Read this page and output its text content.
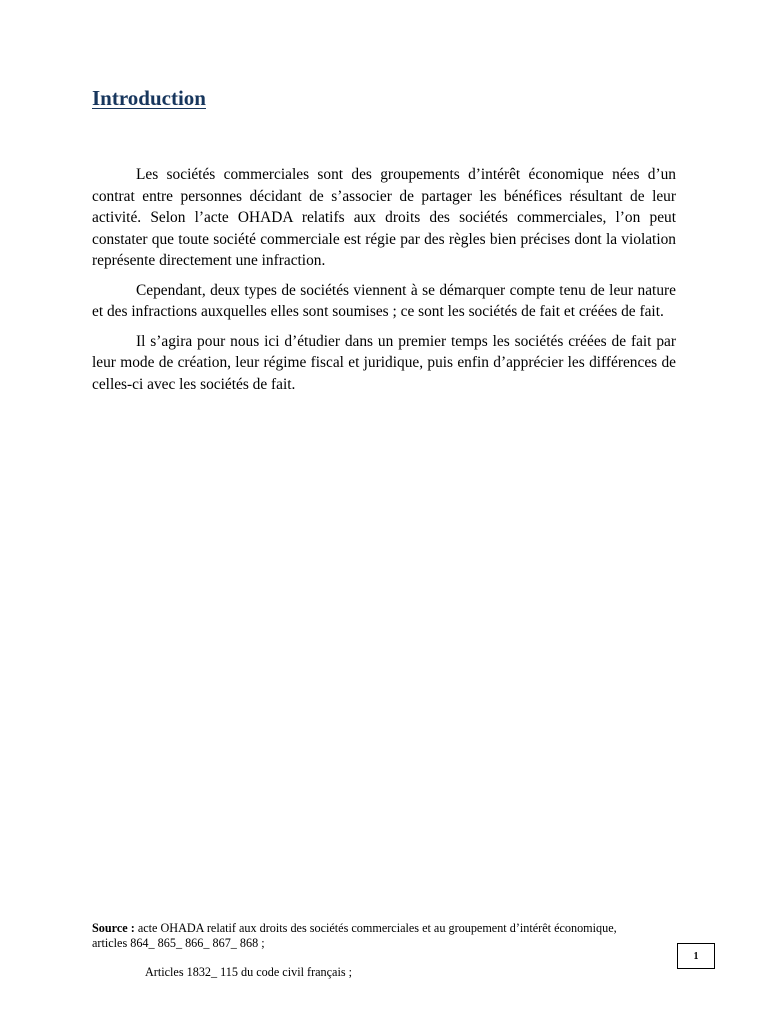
Introduction

Les sociétés commerciales sont des groupements d’intérêt économique nées d’un contrat entre personnes décidant de s’associer de partager les bénéfices résultant de leur activité. Selon l’acte OHADA relatifs aux droits des sociétés commerciales, l’on peut constater que toute société commerciale est régie par des règles bien précises dont la violation représente directement une infraction.

Cependant, deux types de sociétés viennent à se démarquer compte tenu de leur nature et des infractions auxquelles elles sont soumises ; ce sont les sociétés de fait et créées de fait.

Il s’agira pour nous ici d’étudier dans un premier temps les sociétés créées de fait par leur mode de création, leur régime fiscal et juridique, puis enfin d’apprécier les différences de celles-ci avec les sociétés de fait.

Source : acte OHADA relatif aux droits des sociétés commerciales et au groupement d’intérêt économique, articles 864_ 865_ 866_ 867_ 868 ;
Articles 1832_ 115 du code civil français ;
1
